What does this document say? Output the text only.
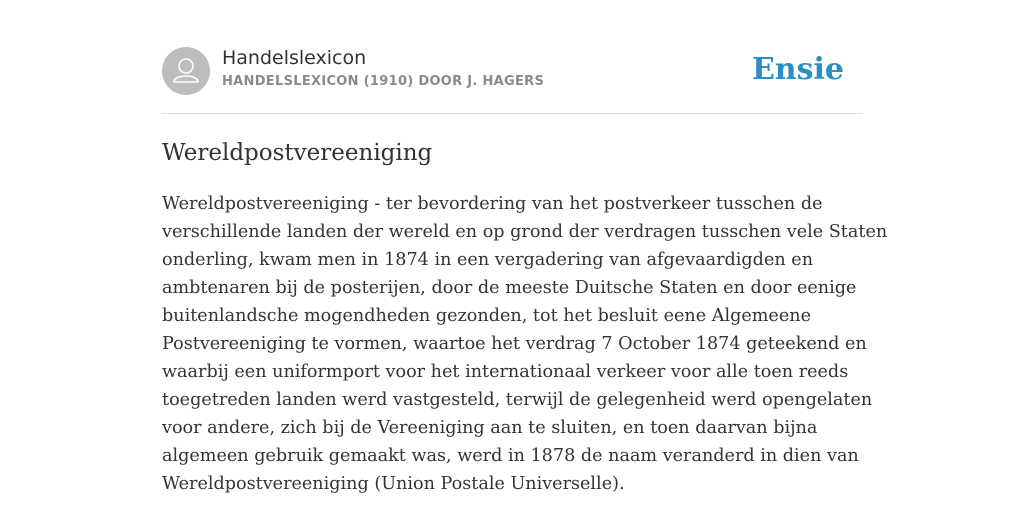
Handelslexicon
HANDELSLEXICON (1910) DOOR J. HAGERS	Ensie
Wereldpostvereeniging

Wereldpostvereeniging - ter bevordering van het postverkeer tusschen de
verschillende landen der wereld en op grond der verdragen tusschen vele Staten
onderling, kwam men in 1874 in een vergadering van afgevaardigden en
ambtenaren bij de posterijen, door de meeste Duitsche Staten en door eenige
buitenlandsche mogendheden gezonden, tot het besluit eene Algemeene
Postvereeniging te vormen, waartoe het verdrag 7 October 1874 geteekend en
waarbij een uniformport voor het internationaal verkeer voor alle toen reeds
toegetreden landen werd vastgesteld, terwijl de gelegenheid werd opengelaten
voor andere, zich bij de Vereeniging aan te sluiten, en toen daarvan bijna
algemeen gebruik gemaakt was, werd in 1878 de naam veranderd in dien van
Wereldpostvereeniging (Union Postale Universelle).
